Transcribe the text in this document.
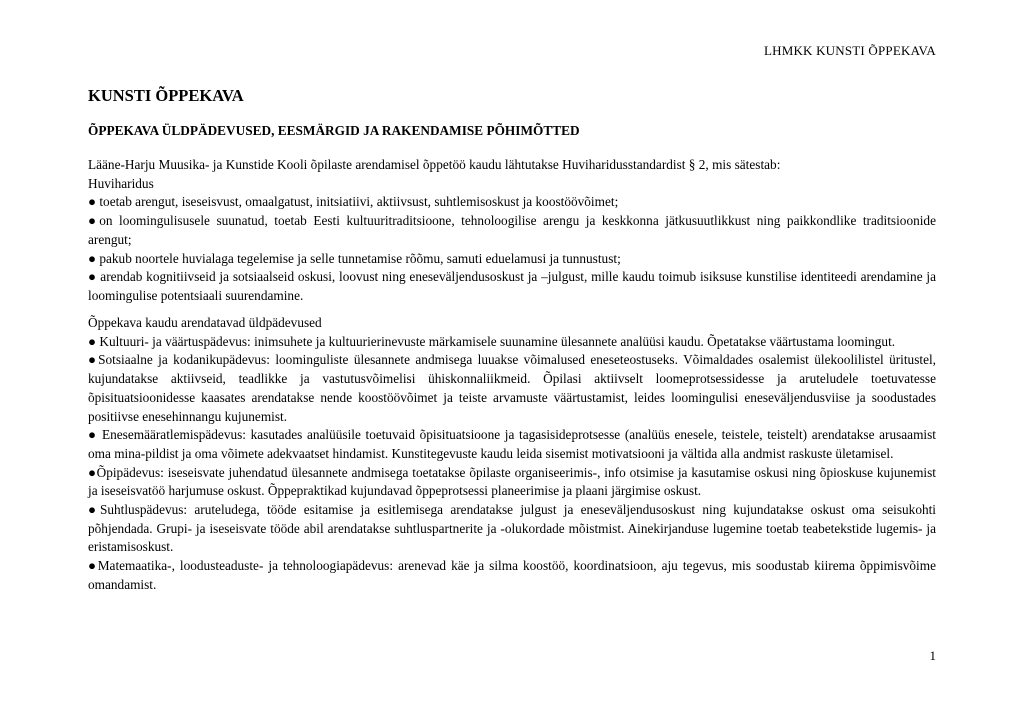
LHMKK KUNSTI ÕPPEKAVA
KUNSTI ÕPPEKAVA
ÕPPEKAVA ÜLDPÄDEVUSED, EESMÄRGID JA RAKENDAMISE PÕHIMÕTTED

Lääne-Harju Muusika- ja Kunstide Kooli õpilaste arendamisel õppetöö kaudu lähtutakse Huviharidusstandardist § 2, mis sätestab:

Huviharidus

● toetab arengut, iseseisvust, omaalgatust, initsiatiivi, aktiivsust, suhtlemisoskust ja koostöövõimet;

●on loomingulisusele suunatud, toetab Eesti kultuuritraditsioone, tehnoloogilise arengu ja keskkonna jätkusuutlikkust ning paikkondlike traditsioonide arengut;

● pakub noortele huvialaga tegelemise ja selle tunnetamise rõõmu, samuti eduelamusi ja tunnustust;

● arendab kognitiivseid ja sotsiaalseid oskusi, loovust ning eneseväljendusoskust ja –julgust, mille kaudu toimub isiksuse kunstilise identiteedi arendamine ja loomingulise potentsiaali suurendamine.

Õppekava kaudu arendatavad üldpädevused

● Kultuuri- ja väärtuspädevus: inimsuhete ja kultuurierinevuste märkamisele suunamine ülesannete analüüsi kaudu. Õpetatakse väärtustama loomingut.

●Sotsiaalne ja kodanikupädevus: loominguliste ülesannete andmisega luuakse võimalused eneseteostuseks. Võimaldades osalemist ülekoolilistel üritustel, kujundatakse aktiivseid, teadlikke ja vastutusvõimelisi ühiskonnaliikmeid. Õpilasi aktiivselt loomeprotsessidesse ja aruteludele toetuvatesse õpisituatsioonidesse kaasates arendatakse nende koostöövõimet ja teiste arvamuste väärtustamist, leides loomingulisi eneseväljendusviise ja soodustades positiivse enesehinnangu kujunemist.

● Enesemääratlemispädevus: kasutades analüüsile toetuvaid õpisituatsioone ja tagasisideprotsesse (analüüs enesele, teistele, teistelt) arendatakse arusaamist oma mina-pildist ja oma võimete adekvaatset hindamist. Kunstitegevuste kaudu leida sisemist motivatsiooni ja vältida alla andmist raskuste ületamisel.

●Õpipädevus: iseseisvate juhendatud ülesannete andmisega toetatakse õpilaste organiseerimis-, info otsimise ja kasutamise oskusi ning õpioskuse kujunemist ja iseseisvatöö harjumuse oskust. Õppepraktikad kujundavad õppeprotsessi planeerimise ja plaani järgimise oskust.

●Suhtluspädevus: aruteludega, tööde esitamise ja esitlemisega arendatakse julgust ja eneseväljendusoskust ning kujundatakse oskust oma seisukohti põhjendada. Grupi- ja iseseisvate tööde abil arendatakse suhtluspartnerite ja -olukordade mõistmist. Ainekirjanduse lugemine toetab teabetekstide lugemis- ja eristamisoskust.

●Matemaatika-, loodusteaduste- ja tehnoloogiapädevus: arenevad käe ja silma koostöö, koordinatsioon, aju tegevus, mis soodustab kiirema õppimisvõime omandamist.

1
